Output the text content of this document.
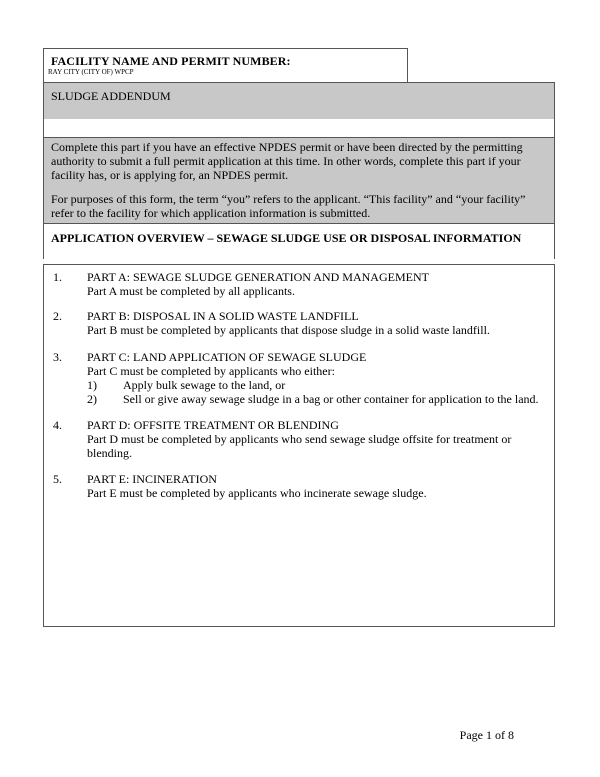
FACILITY NAME AND PERMIT NUMBER:
RAY CITY (CITY OF) WPCP
SLUDGE ADDENDUM

Complete this part if you have an effective NPDES permit or have been directed by the permitting authority to submit a full permit application at this time. In other words, complete this part if your facility has, or is applying for, an NPDES permit.

For purposes of this form, the term “you” refers to the applicant. “This facility” and “your facility” refer to the facility for which application information is submitted.

APPLICATION OVERVIEW – SEWAGE SLUDGE USE OR DISPOSAL INFORMATION
1. PART A: SEWAGE SLUDGE GENERATION AND MANAGEMENT
Part A must be completed by all applicants.
2. PART B: DISPOSAL IN A SOLID WASTE LANDFILL
Part B must be completed by applicants that dispose sludge in a solid waste landfill.
3. PART C: LAND APPLICATION OF SEWAGE SLUDGE
Part C must be completed by applicants who either:
1) Apply bulk sewage to the land, or
2) Sell or give away sewage sludge in a bag or other container for application to the land.
4. PART D: OFFSITE TREATMENT OR BLENDING
Part D must be completed by applicants who send sewage sludge offsite for treatment or blending.
5. PART E: INCINERATION
Part E must be completed by applicants who incinerate sewage sludge.
Page 1 of 8
